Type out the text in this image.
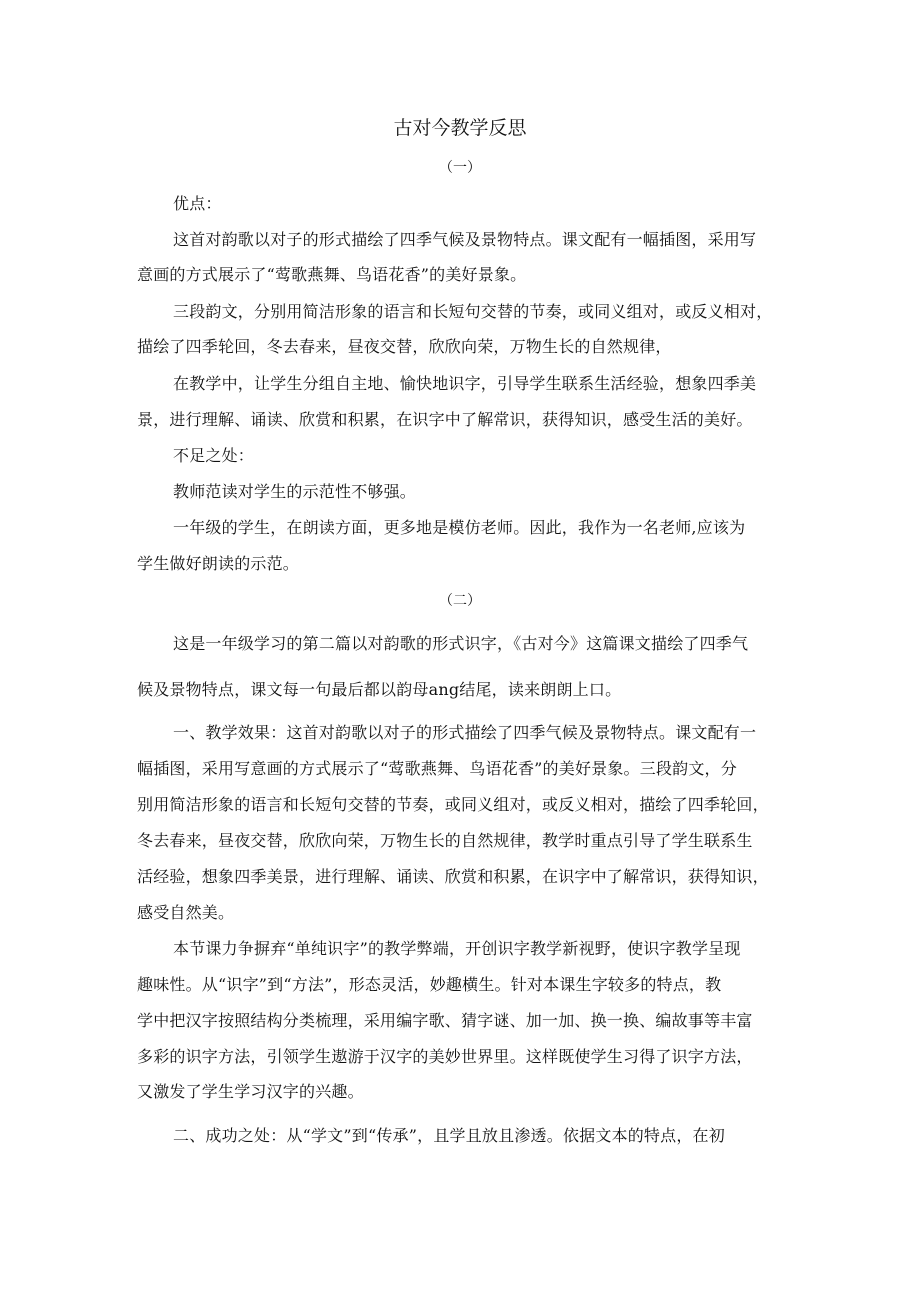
古对今教学反思
（一）
优点：
这首对韵歌以对子的形式描绘了四季气候及景物特点。课文配有一幅插图，采用写
意画的方式展示了“莺歌燕舞、鸟语花香”的美好景象。
三段韵文，分别用简洁形象的语言和长短句交替的节奏，或同义组对，或反义相对，
描绘了四季轮回，冬去春来，昼夜交替，欣欣向荣，万物生长的自然规律，
在教学中，让学生分组自主地、愉快地识字，引导学生联系生活经验，想象四季美
景，进行理解、诵读、欣赏和积累，在识字中了解常识，获得知识，感受生活的美好。
不足之处：
教师范读对学生的示范性不够强。
一年级的学生，在朗读方面，更多地是模仿老师。因此，我作为一名老师,应该为
学生做好朗读的示范。
（二）
这是一年级学习的第二篇以对韵歌的形式识字，《古对今》这篇课文描绘了四季气
候及景物特点，课文每一句最后都以韵母ang结尾，读来朗朗上口。
一、教学效果：这首对韵歌以对子的形式描绘了四季气候及景物特点。课文配有一
幅插图，采用写意画的方式展示了“莺歌燕舞、鸟语花香”的美好景象。三段韵文，分
别用简洁形象的语言和长短句交替的节奏，或同义组对，或反义相对，描绘了四季轮回，
冬去春来，昼夜交替，欣欣向荣，万物生长的自然规律，教学时重点引导了学生联系生
活经验，想象四季美景，进行理解、诵读、欣赏和积累，在识字中了解常识，获得知识，
感受自然美。
本节课力争摒弃“单纯识字”的教学弊端，开创识字教学新视野，使识字教学呈现
趣味性。从“识字”到“方法”，形态灵活，妙趣横生。针对本课生字较多的特点，教
学中把汉字按照结构分类梳理，采用编字歌、猜字谜、加一加、换一换、编故事等丰富
多彩的识字方法，引领学生遨游于汉字的美妙世界里。这样既使学生习得了识字方法，
又激发了学生学习汉字的兴趣。
二、成功之处：从“学文”到“传承”，且学且放且渗透。依据文本的特点，在初
